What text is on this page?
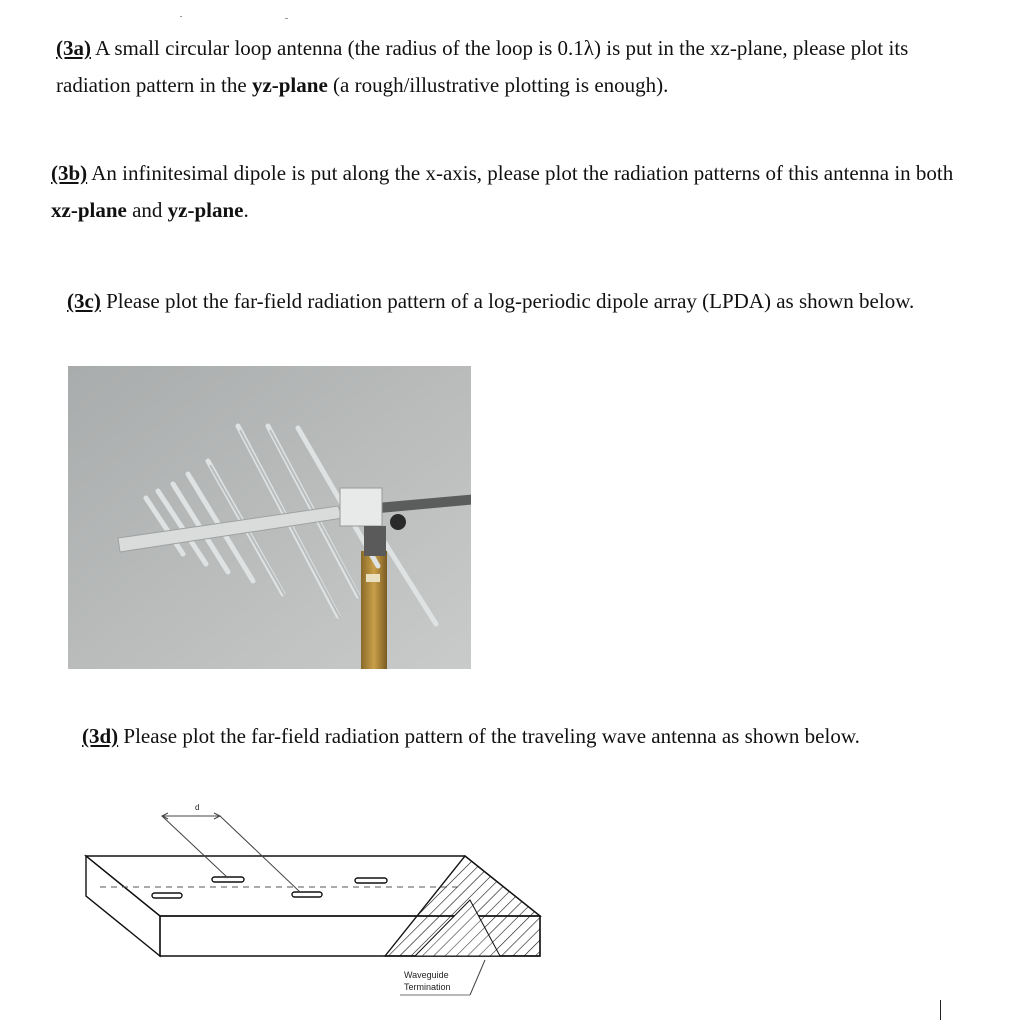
(3a) A small circular loop antenna (the radius of the loop is 0.1λ) is put in the xz-plane, please plot its radiation pattern in the yz-plane (a rough/illustrative plotting is enough).

(3b) An infinitesimal dipole is put along the x-axis, please plot the radiation patterns of this antenna in both xz-plane and yz-plane.

(3c) Please plot the far-field radiation pattern of a log-periodic dipole array (LPDA) as shown below.

(3d) Please plot the far-field radiation pattern of the traveling wave antenna as shown below.

d
Waveguide
Termination
